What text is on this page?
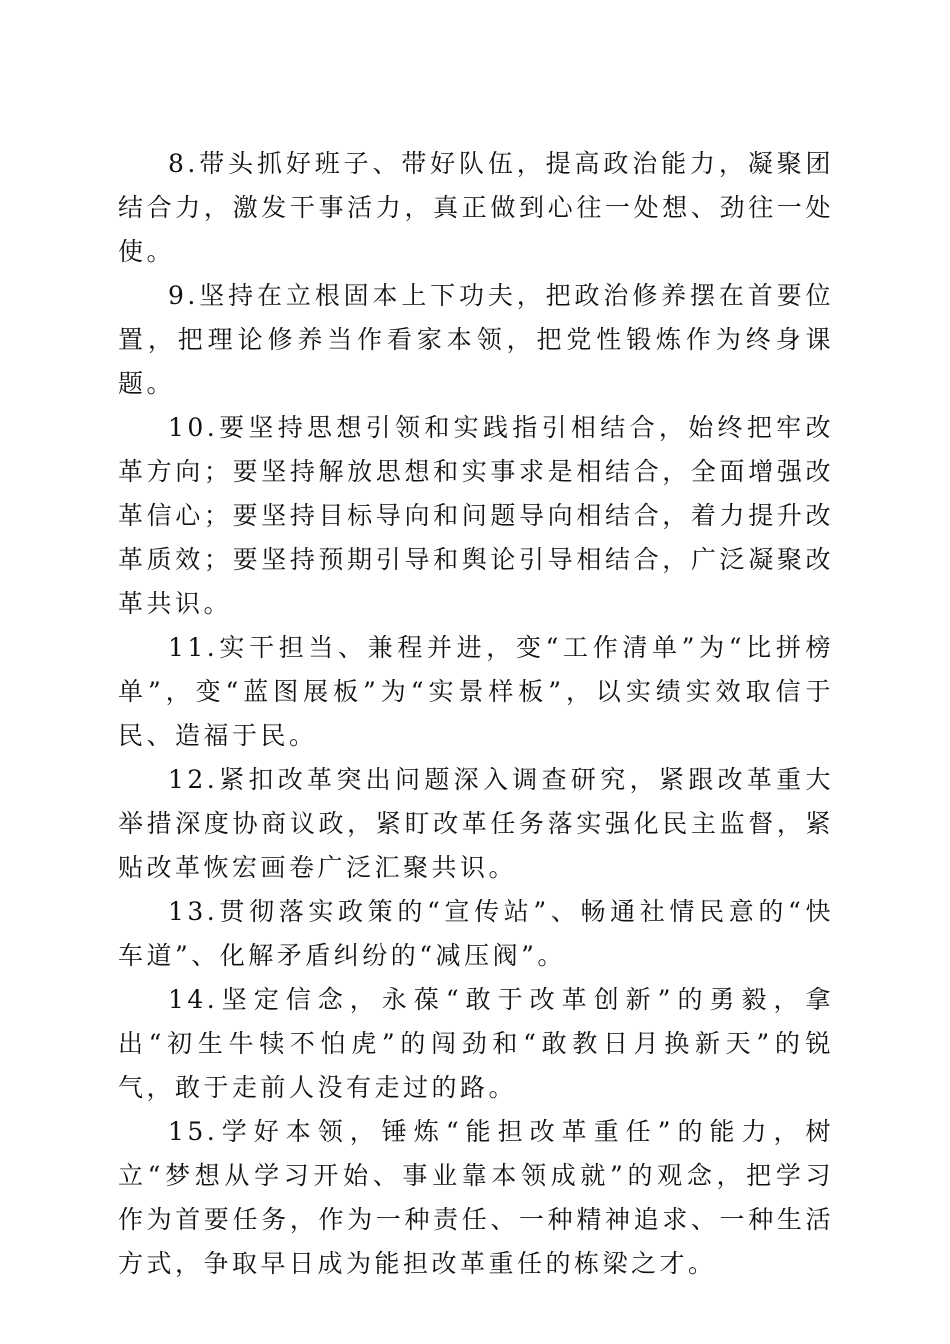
8.带头抓好班子、带好队伍，提高政治能力，凝聚团结合力，激发干事活力，真正做到心往一处想、劲往一处使。

9.坚持在立根固本上下功夫，把政治修养摆在首要位置，把理论修养当作看家本领，把党性锻炼作为终身课题。

10.要坚持思想引领和实践指引相结合，始终把牢改革方向；要坚持解放思想和实事求是相结合，全面增强改革信心；要坚持目标导向和问题导向相结合，着力提升改革质效；要坚持预期引导和舆论引导相结合，广泛凝聚改革共识。

11.实干担当、兼程并进，变“工作清单”为“比拼榜单”，变“蓝图展板”为“实景样板”，以实绩实效取信于民、造福于民。

12.紧扣改革突出问题深入调查研究，紧跟改革重大举措深度协商议政，紧盯改革任务落实强化民主监督，紧贴改革恢宏画卷广泛汇聚共识。

13.贯彻落实政策的“宣传站”、畅通社情民意的“快车道”、化解矛盾纠纷的“减压阀”。

14.坚定信念，永葆“敢于改革创新”的勇毅，拿出“初生牛犊不怕虎”的闯劲和“敢教日月换新天”的锐气，敢于走前人没有走过的路。

15.学好本领，锤炼“能担改革重任”的能力，树立“梦想从学习开始、事业靠本领成就”的观念，把学习作为首要任务，作为一种责任、一种精神追求、一种生活方式，争取早日成为能担改革重任的栋梁之才。
